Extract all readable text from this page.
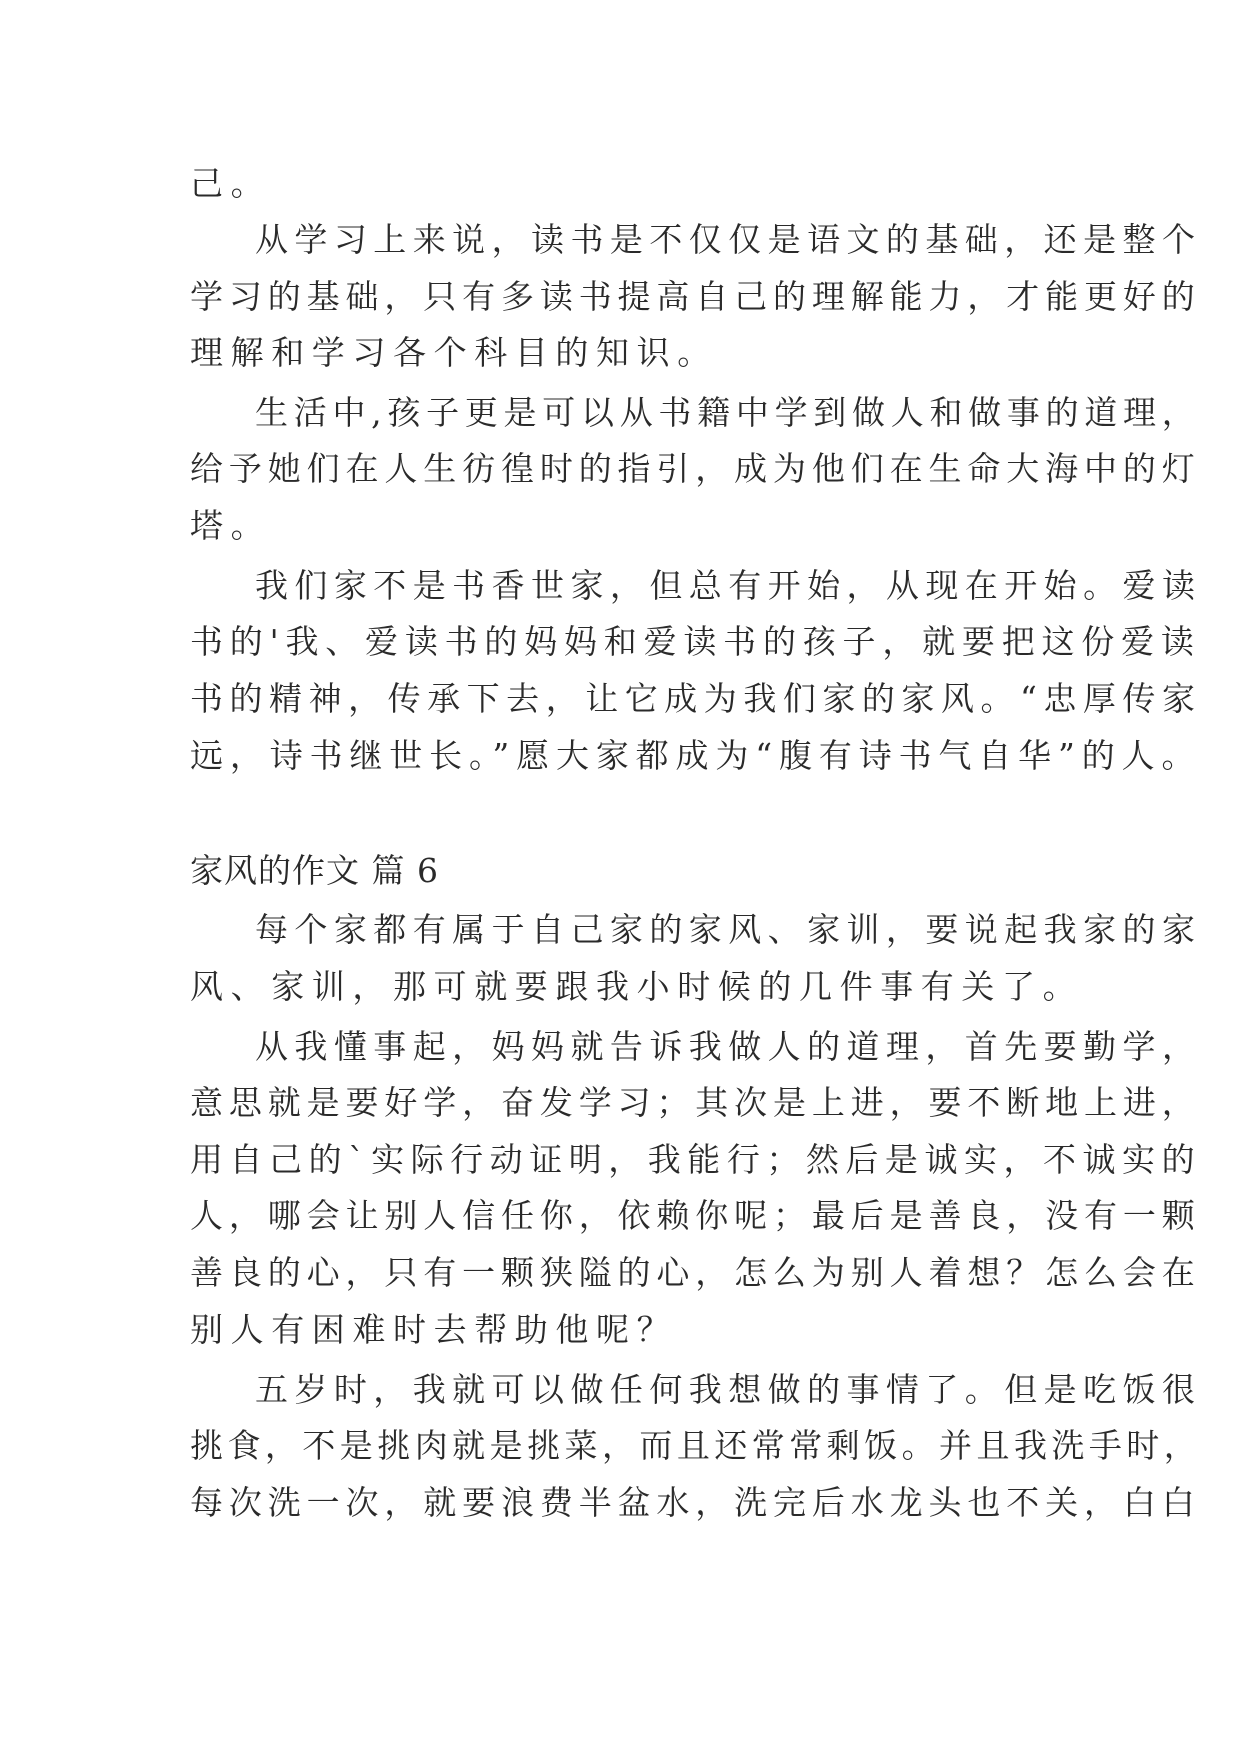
己。
从学习上来说，读书是不仅仅是语文的基础，还是整个
学习的基础，只有多读书提高自己的理解能力，才能更好的
理解和学习各个科目的知识。
生活中,孩子更是可以从书籍中学到做人和做事的道理，
给予她们在人生彷徨时的指引，成为他们在生命大海中的灯
塔。
我们家不是书香世家，但总有开始，从现在开始。爱读
书的'我、爱读书的妈妈和爱读书的孩子，就要把这份爱读
书的精神，传承下去，让它成为我们家的家风。“忠厚传家
远，诗书继世长。”愿大家都成为“腹有诗书气自华”的人。
家风的作文 篇 6
每个家都有属于自己家的家风、家训，要说起我家的家
风、家训，那可就要跟我小时候的几件事有关了。
从我懂事起，妈妈就告诉我做人的道理，首先要勤学，
意思就是要好学，奋发学习；其次是上进，要不断地上进，
用自己的`实际行动证明，我能行；然后是诚实，不诚实的
人，哪会让别人信任你，依赖你呢；最后是善良，没有一颗
善良的心，只有一颗狭隘的心，怎么为别人着想？怎么会在
别人有困难时去帮助他呢？
五岁时，我就可以做任何我想做的事情了。但是吃饭很
挑食，不是挑肉就是挑菜，而且还常常剩饭。并且我洗手时，
每次洗一次，就要浪费半盆水，洗完后水龙头也不关，白白
